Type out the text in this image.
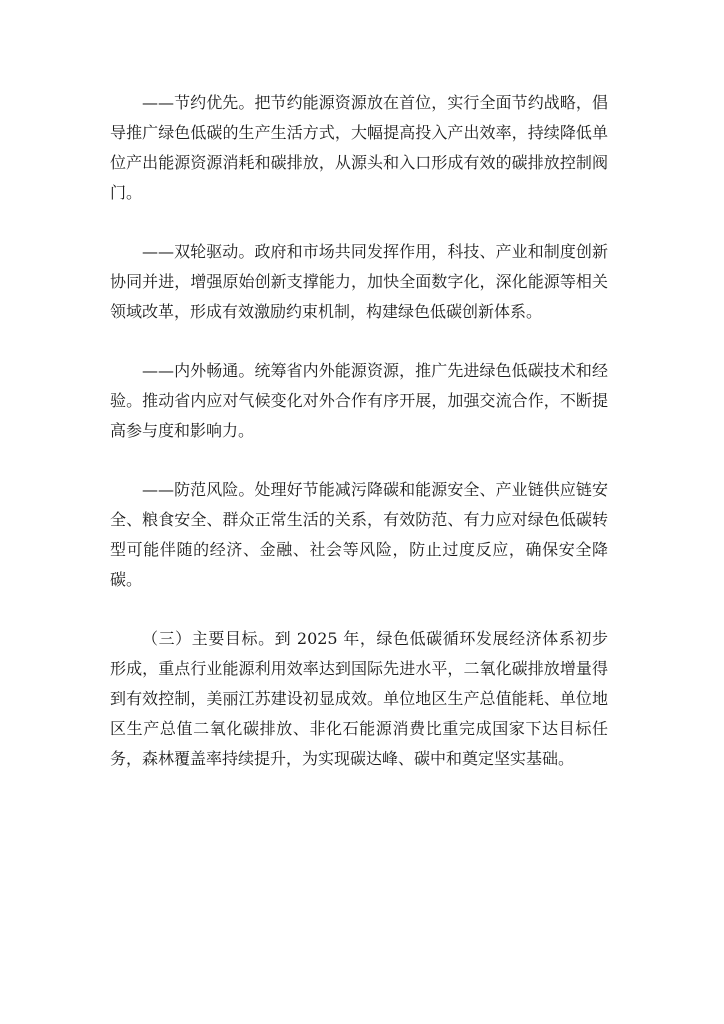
——节约优先。把节约能源资源放在首位，实行全面节约战略，倡导推广绿色低碳的生产生活方式，大幅提高投入产出效率，持续降低单位产出能源资源消耗和碳排放，从源头和入口形成有效的碳排放控制阀门。

——双轮驱动。政府和市场共同发挥作用，科技、产业和制度创新协同并进，增强原始创新支撑能力，加快全面数字化，深化能源等相关领域改革，形成有效激励约束机制，构建绿色低碳创新体系。

——内外畅通。统筹省内外能源资源，推广先进绿色低碳技术和经验。推动省内应对气候变化对外合作有序开展，加强交流合作，不断提高参与度和影响力。

——防范风险。处理好节能减污降碳和能源安全、产业链供应链安全、粮食安全、群众正常生活的关系，有效防范、有力应对绿色低碳转型可能伴随的经济、金融、社会等风险，防止过度反应，确保安全降碳。

（三）主要目标。到 2025 年，绿色低碳循环发展经济体系初步形成，重点行业能源利用效率达到国际先进水平，二氧化碳排放增量得到有效控制，美丽江苏建设初显成效。单位地区生产总值能耗、单位地区生产总值二氧化碳排放、非化石能源消费比重完成国家下达目标任务，森林覆盖率持续提升，为实现碳达峰、碳中和奠定坚实基础。
